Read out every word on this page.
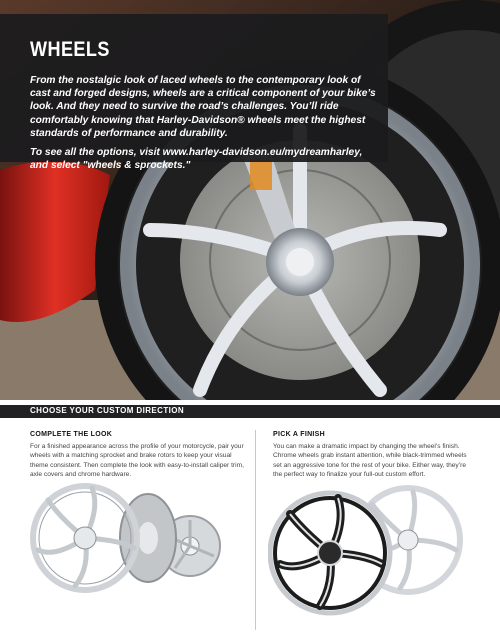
WHEELS

From the nostalgic look of laced wheels to the contemporary look of cast and forged designs, wheels are a critical component of your bike’s look. And they need to survive the road’s challenges. You’ll ride comfortably knowing that Harley-Davidson® wheels meet the highest standards of performance and durability.

To see all the options, visit www.harley-davidson.eu/mydreamharley, and select "wheels & sprockets."

CHOOSE YOUR CUSTOM DIRECTION
COMPLETE THE LOOK

For a finished appearance across the profile of your motorcycle, pair your wheels with a matching sprocket and brake rotors to keep your visual theme consistent. Then complete the look with easy-to-install caliper trim, axle covers and chrome hardware.

PICK A FINISH

You can make a dramatic impact by changing the wheel’s finish. Chrome wheels grab instant attention, while black-trimmed wheels set an aggressive tone for the rest of your bike. Either way, they’re the perfect way to finalize your full-out custom effort.
